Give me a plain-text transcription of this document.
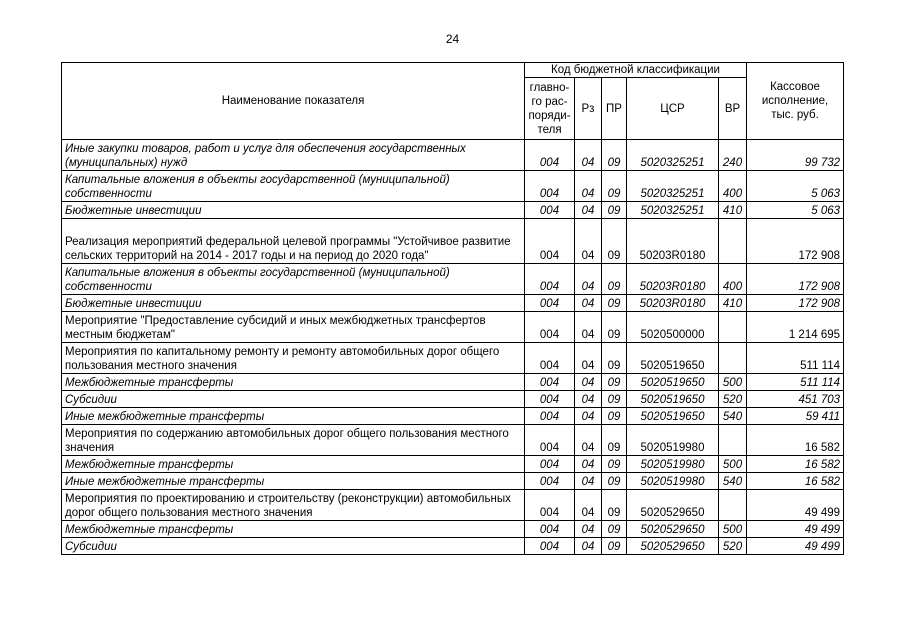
24
Наименование показателя	Код бюджетной классификации					Кассовое
исполнение,
тыс. руб.
	главно-
го рас-
поряди-
теля	Рз	ПР	ЦСР	ВР	
Иные закупки товаров, работ и услуг для обеспечения государственных (муниципальных) нужд	004	04	09	5020325251	240	99 732
Капитальные вложения в объекты государственной (муниципальной) собственности	004	04	09	5020325251	400	5 063
Бюджетные инвестиции	004	04	09	5020325251	410	5 063
Реализация мероприятий федеральной целевой программы "Устойчивое развитие сельских территорий на 2014 - 2017 годы и на период до 2020 года"	004	04	09	50203R0180		172 908
Капитальные вложения в объекты государственной (муниципальной) собственности	004	04	09	50203R0180	400	172 908
Бюджетные инвестиции	004	04	09	50203R0180	410	172 908
Мероприятие "Предоставление субсидий и иных межбюджетных трансфертов местным бюджетам"	004	04	09	5020500000		1 214 695
Мероприятия по капитальному ремонту и ремонту автомобильных дорог общего пользования местного значения	004	04	09	5020519650		511 114
Межбюджетные трансферты	004	04	09	5020519650	500	511 114
Субсидии	004	04	09	5020519650	520	451 703
Иные межбюджетные трансферты	004	04	09	5020519650	540	59 411
Мероприятия по содержанию автомобильных дорог общего пользования местного значения	004	04	09	5020519980		16 582
Межбюджетные трансферты	004	04	09	5020519980	500	16 582
Иные межбюджетные трансферты	004	04	09	5020519980	540	16 582
Мероприятия по проектированию и строительству (реконструкции) автомобильных дорог общего пользования местного значения	004	04	09	5020529650		49 499
Межбюджетные трансферты	004	04	09	5020529650	500	49 499
Субсидии	004	04	09	5020529650	520	49 499
